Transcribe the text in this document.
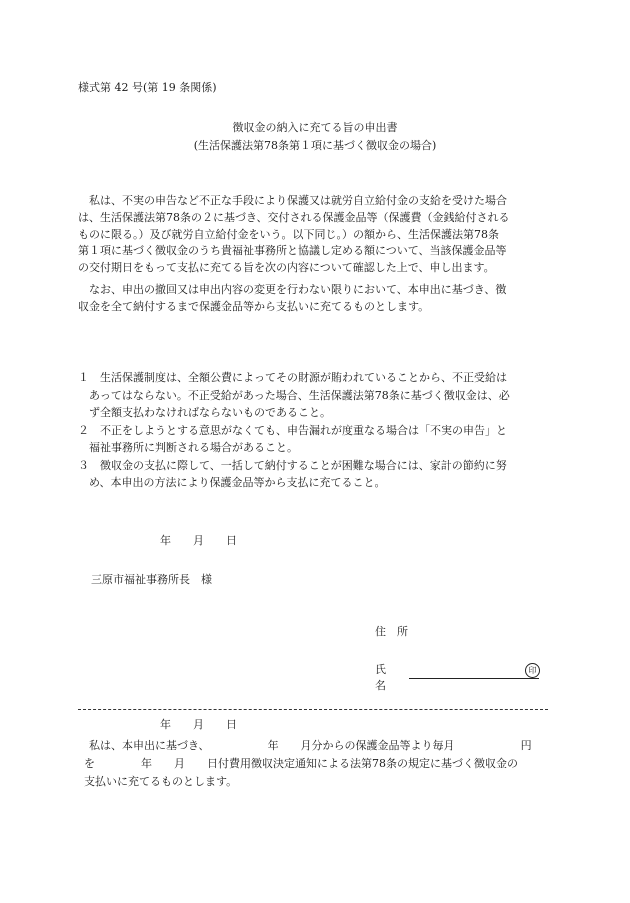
様式第 42 号(第 19 条関係)
徴収金の納入に充てる旨の申出書
(生活保護法第78条第１項に基づく徴収金の場合)
　私は、不実の申告など不正な手段により保護又は就労自立給付金の支給を受けた場合
は、生活保護法第78条の２に基づき、交付される保護金品等（保護費（金銭給付される
ものに限る。）及び就労自立給付金をいう。以下同じ。）の額から、生活保護法第78条
第１項に基づく徴収金のうち貴福祉事務所と協議し定める額について、当該保護金品等
の交付期日をもって支払に充てる旨を次の内容について確認した上で、申し出ます。
　なお、申出の撤回又は申出内容の変更を行わない限りにおいて、本申出に基づき、徴
収金を全て納付するまで保護金品等から支払いに充てるものとします。
１　生活保護制度は、全額公費によってその財源が賄われていることから、不正受給は
　あってはならない。不正受給があった場合、生活保護法第78条に基づく徴収金は、必
　ず全額支払わなければならないものであること。
２　不正をしようとする意思がなくても、申告漏れが度重なる場合は「不実の申告」と
　福祉事務所に判断される場合があること。
３　徴収金の支払に際して、一括して納付することが困難な場合には、家計の節約に努
　め、本申出の方法により保護金品等から支払に充てること。
年　　月　　日
三原市福祉事務所長　様
住　所
氏　名
印
年　　月　　日
　私は、本申出に基づき、	年　　月分からの保護金品等より毎月	円
を	年　　月　　日付費用徴収決定通知による法第78条の規定に基づく徴収金の
支払いに充てるものとします。
